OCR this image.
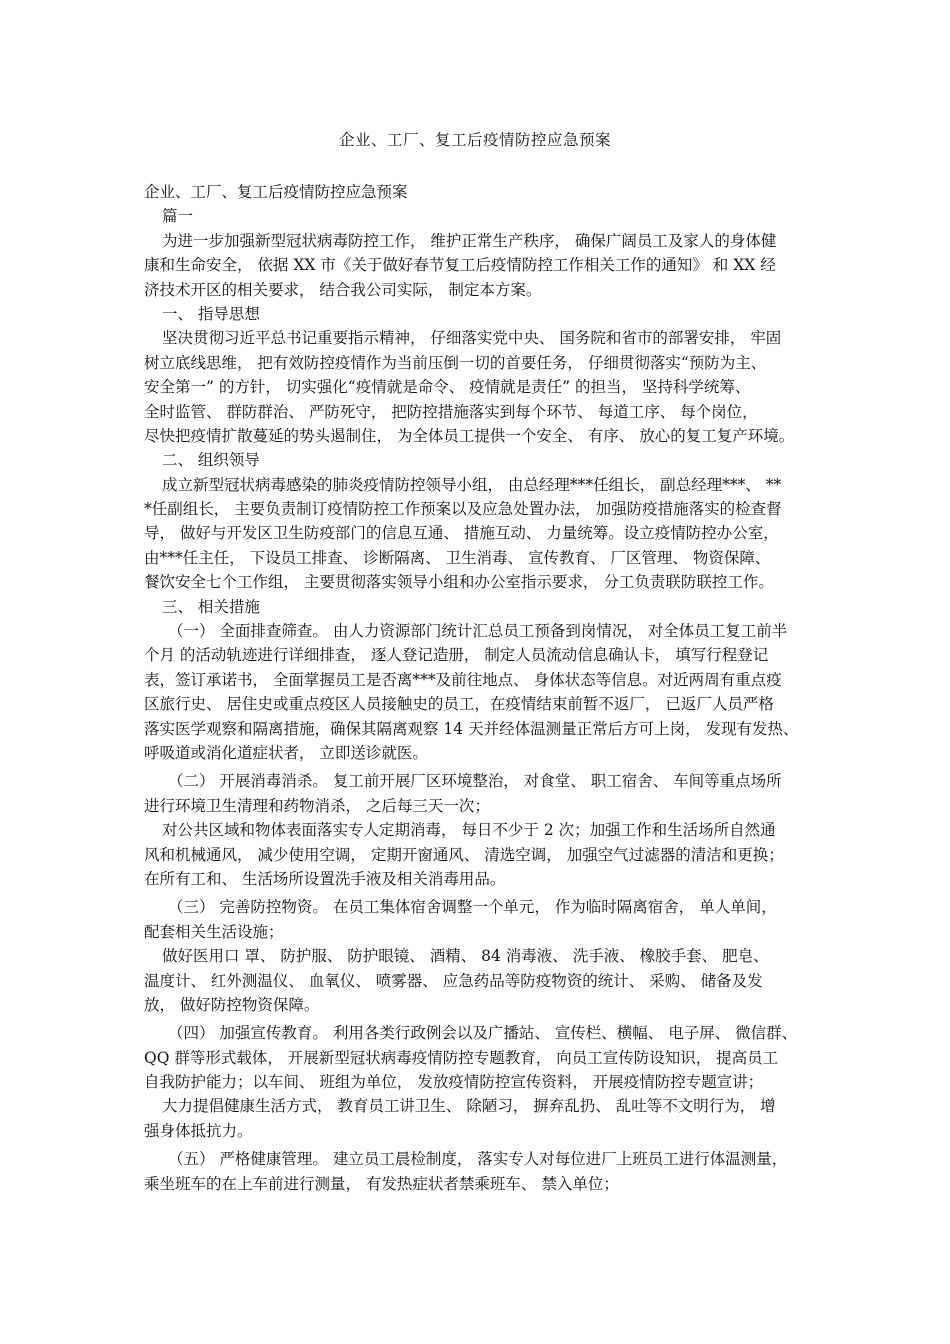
企业、工厂、复工后疫情防控应急预案
企业、工厂、复工后疫情防控应急预案
篇一
为进一步加强新型冠状病毒防控工作， 维护正常生产秩序， 确保广阔员工及家人的身体健
康和生命安全， 依据 XX 市《关于做好春节复工后疫情防控工作相关工作的通知》 和 XX 经
济技术开区的相关要求， 结合我公司实际， 制定本方案。
一、 指导思想
坚决贯彻习近平总书记重要指示精神， 仔细落实党中央、 国务院和省市的部署安排， 牢固
树立底线思维， 把有效防控疫情作为当前压倒一切的首要任务， 仔细贯彻落实“预防为主、
安全第一” 的方针， 切实强化“疫情就是命令、 疫情就是责任” 的担当， 坚持科学统筹、
全时监管、 群防群治、 严防死守， 把防控措施落实到每个环节、 每道工序、 每个岗位，
尽快把疫情扩散蔓延的势头遏制住， 为全体员工提供一个安全、 有序、 放心的复工复产环境。
二、 组织领导
成立新型冠状病毒感染的肺炎疫情防控领导小组， 由总经理***任组长， 副总经理***、 **
*任副组长， 主要负责制订疫情防控工作预案以及应急处置办法， 加强防疫措施落实的检查督
导， 做好与开发区卫生防疫部门的信息互通、 措施互动、 力量统筹。设立疫情防控办公室，
由***任主任， 下设员工排查、 诊断隔离、 卫生消毒、 宣传教育、 厂区管理、 物资保障、
餐饮安全七个工作组， 主要贯彻落实领导小组和办公室指示要求， 分工负责联防联控工作。
三、 相关措施
（一） 全面排查筛查。 由人力资源部门统计汇总员工预备到岗情况， 对全体员工复工前半
个月 的活动轨迹进行详细排查， 逐人登记造册， 制定人员流动信息确认卡， 填写行程登记
表，签订承诺书， 全面掌握员工是否离***及前往地点、 身体状态等信息。对近两周有重点疫
区旅行史、 居住史或重点疫区人员接触史的员工，在疫情结束前暂不返厂， 已返厂人员严格
落实医学观察和隔离措施，确保其隔离观察 14 天并经体温测量正常后方可上岗， 发现有发热、
呼吸道或消化道症状者， 立即送诊就医。
（二） 开展消毒消杀。 复工前开展厂区环境整治， 对食堂、 职工宿舍、 车间等重点场所
进行环境卫生清理和药物消杀， 之后每三天一次；
对公共区域和物体表面落实专人定期消毒， 每日不少于 2 次；加强工作和生活场所自然通
风和机械通风， 减少使用空调， 定期开窗通风、 清选空调， 加强空气过滤器的清洁和更换；
在所有工和、 生活场所设置洗手液及相关消毒用品。
（三） 完善防控物资。 在员工集体宿舍调整一个单元， 作为临时隔离宿舍， 单人单间，
配套相关生活设施；
做好医用口 罩、 防护服、 防护眼镜、 酒精、 84 消毒液、 洗手液、 橡胶手套、 肥皂、
温度计、 红外测温仪、 血氧仪、 喷雾器、 应急药品等防疫物资的统计、 采购、 储备及发
放， 做好防控物资保障。
（四） 加强宣传教育。 利用各类行政例会以及广播站、 宣传栏、横幅、 电子屏、 微信群、
QQ 群等形式载体， 开展新型冠状病毒疫情防控专题教育， 向员工宣传防设知识， 提高员工
自我防护能力；以车间、 班组为单位， 发放疫情防控宣传资料， 开展疫情防控专题宣讲；
大力提倡健康生活方式， 教育员工讲卫生、 除陋习， 摒弃乱扔、 乱吐等不文明行为， 增
强身体抵抗力。
（五） 严格健康管理。 建立员工晨检制度， 落实专人对每位进厂上班员工进行体温测量，
乘坐班车的在上车前进行测量， 有发热症状者禁乘班车、 禁入单位；
